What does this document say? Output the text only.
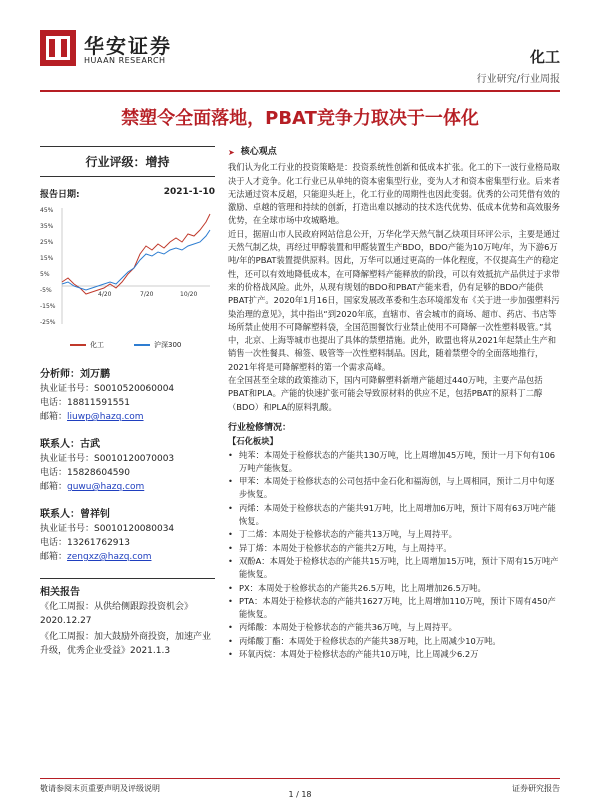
华安证券
HUAAN RESEARCH	化工
行业研究/行业周报
禁塑令全面落地，PBAT竞争力取决于一体化
行业评级：增持
报告日期:	2021-1-10
45%
35%
25%
15%
5%
-5%
-15%
-25%
4/20	7/20	10/20
化工	沪深300
分析师：刘万鹏
执业证书号：S0010520060004
电话：18811591551
邮箱：liuwp@hazq.com
联系人：古武
执业证书号：S0010120070003
电话：15828604590
邮箱：guwu@hazq.com
联系人：曾祥钊
执业证书号：S0010120080034
电话：13261762913
邮箱：zengxz@hazq.com
相关报告
《化工周报：从供给侧跟踪投资机会》2020.12.27
《化工周报：加大鼓励外商投资，加速产业升级，优秀企业受益》2021.1.3
➤ 核心观点

我们认为化工行业的投资策略是：投资系统性创新和低成本扩张。化工的下一波行业格局取决于人才竞争。化工行业已从单纯的资本密集型行业，变为人才和资本密集型行业。后来者无法通过资本反超，只能迎头赶上，化工行业的周期性也因此变弱。优秀的公司凭借有效的激励、卓越的管理和持续的创新，打造出难以撼动的技术迭代优势、低成本优势和高效服务优势，在全球市场中攻城略地。

近日，据眉山市人民政府网站信息公开，万华化学天然气制乙炔项目环评公示，主要是通过天然气制乙炔，再经过甲醇装置和甲醛装置生产BDO，BDO产能为10万吨/年，为下游6万吨/年的PBAT装置提供原料。因此，万华可以通过更高的一体化程度，不仅提高生产的稳定性，还可以有效地降低成本，在可降解塑料产能释放的阶段，可以有效抵抗产品供过于求带来的价格战风险。此外，从现有规划的BDO和PBAT产能来看，仍有足够的BDO产能供PBAT扩产。2020年1月16日，国家发展改革委和生态环境部发布《关于进一步加强塑料污染治理的意见》，其中指出“到2020年底，直辖市、省会城市的商场、超市、药店、书店等场所禁止使用不可降解塑料袋，全国范围餐饮行业禁止使用不可降解一次性塑料吸管。”其中，北京、上海等城市也提出了具体的禁塑措施。此外，欧盟也将从2021年起禁止生产和销售一次性餐具、棉签、吸管等一次性塑料制品。因此，随着禁塑令的全面落地推行，2021年将是可降解塑料的第一个需求高峰。

在全国甚至全球的政策推动下，国内可降解塑料新增产能超过440万吨，主要产品包括PBAT和PLA。产能的快速扩张可能会导致原材料的供应不足，包括PBAT的原料丁二醇（BDO）和PLA的原料乳酸。

行业检修情况：
【石化板块】
• 纯苯：本周处于检修状态的产能共130万吨，比上周增加45万吨，预计一月下旬有106万吨产能恢复。
• 甲苯：本周处于检修状态的公司包括中金石化和福海创，与上周相同，预计二月中旬逐步恢复。
• 丙烯：本周处于检修状态的产能共91万吨，比上周增加6万吨，预计下周有63万吨产能恢复。
• 丁二烯：本周处于检修状态的产能共13万吨，与上周持平。
• 异丁烯：本周处于检修状态的产能共2万吨，与上周持平。
• 双酚A：本周处于检修状态的产能共15万吨，比上周增加15万吨，预计下周有15万吨产能恢复。
• PX：本周处于检修状态的产能共26.5万吨，比上周增加26.5万吨。
• PTA：本周处于检修状态的产能共1627万吨，比上周增加110万吨，预计下周有450产能恢复。
• 丙烯酸：本周处于检修状态的产能共36万吨，与上周持平。
• 丙烯酸丁酯：本周处于检修状态的产能共38万吨，比上周减少10万吨。
• 环氧丙烷：本周处于检修状态的产能共10万吨，比上周减少6.2万
敬请参阅末页重要声明及评级说明	证券研究报告
1 / 18
